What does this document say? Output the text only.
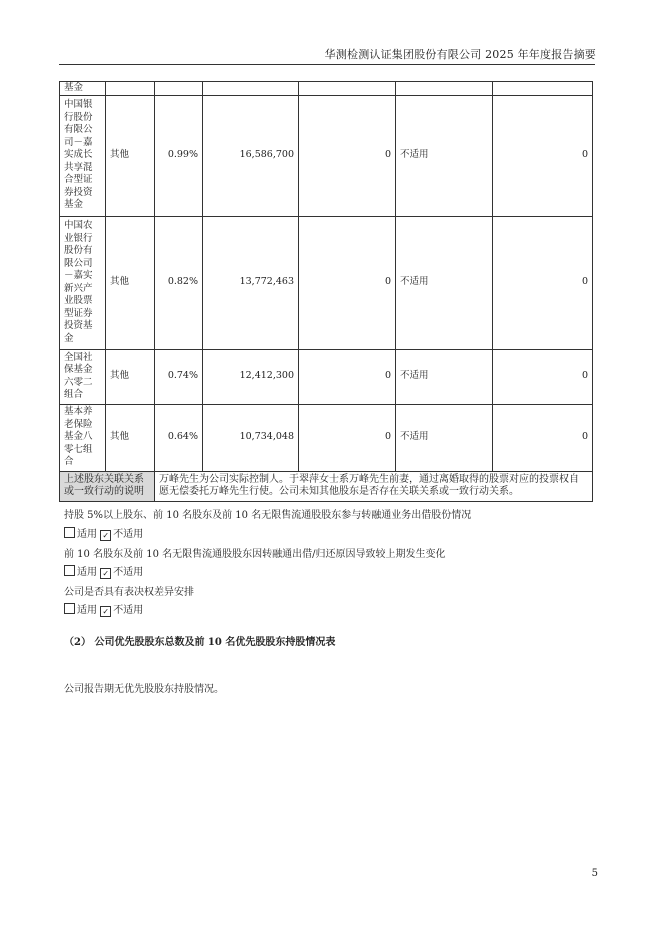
华测检测认证集团股份有限公司 2025 年年度报告摘要
基金						
中国银行股份有限公司－嘉实成长共享混合型证券投资基金	其他	0.99%	16,586,700	0	不适用	0
中国农业银行股份有限公司－嘉实新兴产业股票型证券投资基金	其他	0.82%	13,772,463	0	不适用	0
全国社保基金六零二组合	其他	0.74%	12,412,300	0	不适用	0
基本养老保险基金八零七组合	其他	0.64%	10,734,048	0	不适用	0
上述股东关联关系或一致行动的说明		万峰先生为公司实际控制人。于翠萍女士系万峰先生前妻，通过离婚取得的股票对应的投票权自愿无偿委托万峰先生行使。公司未知其他股东是否存在关联关系或一致行动关系。				
持股 5%以上股东、前 10 名股东及前 10 名无限售流通股股东参与转融通业务出借股份情况
适用 ✓ 不适用
前 10 名股东及前 10 名无限售流通股股东因转融通出借/归还原因导致较上期发生变化
适用 ✓ 不适用
公司是否具有表决权差异安排
适用 ✓ 不适用
（2） 公司优先股股东总数及前 10 名优先股股东持股情况表
公司报告期无优先股股东持股情况。
5
